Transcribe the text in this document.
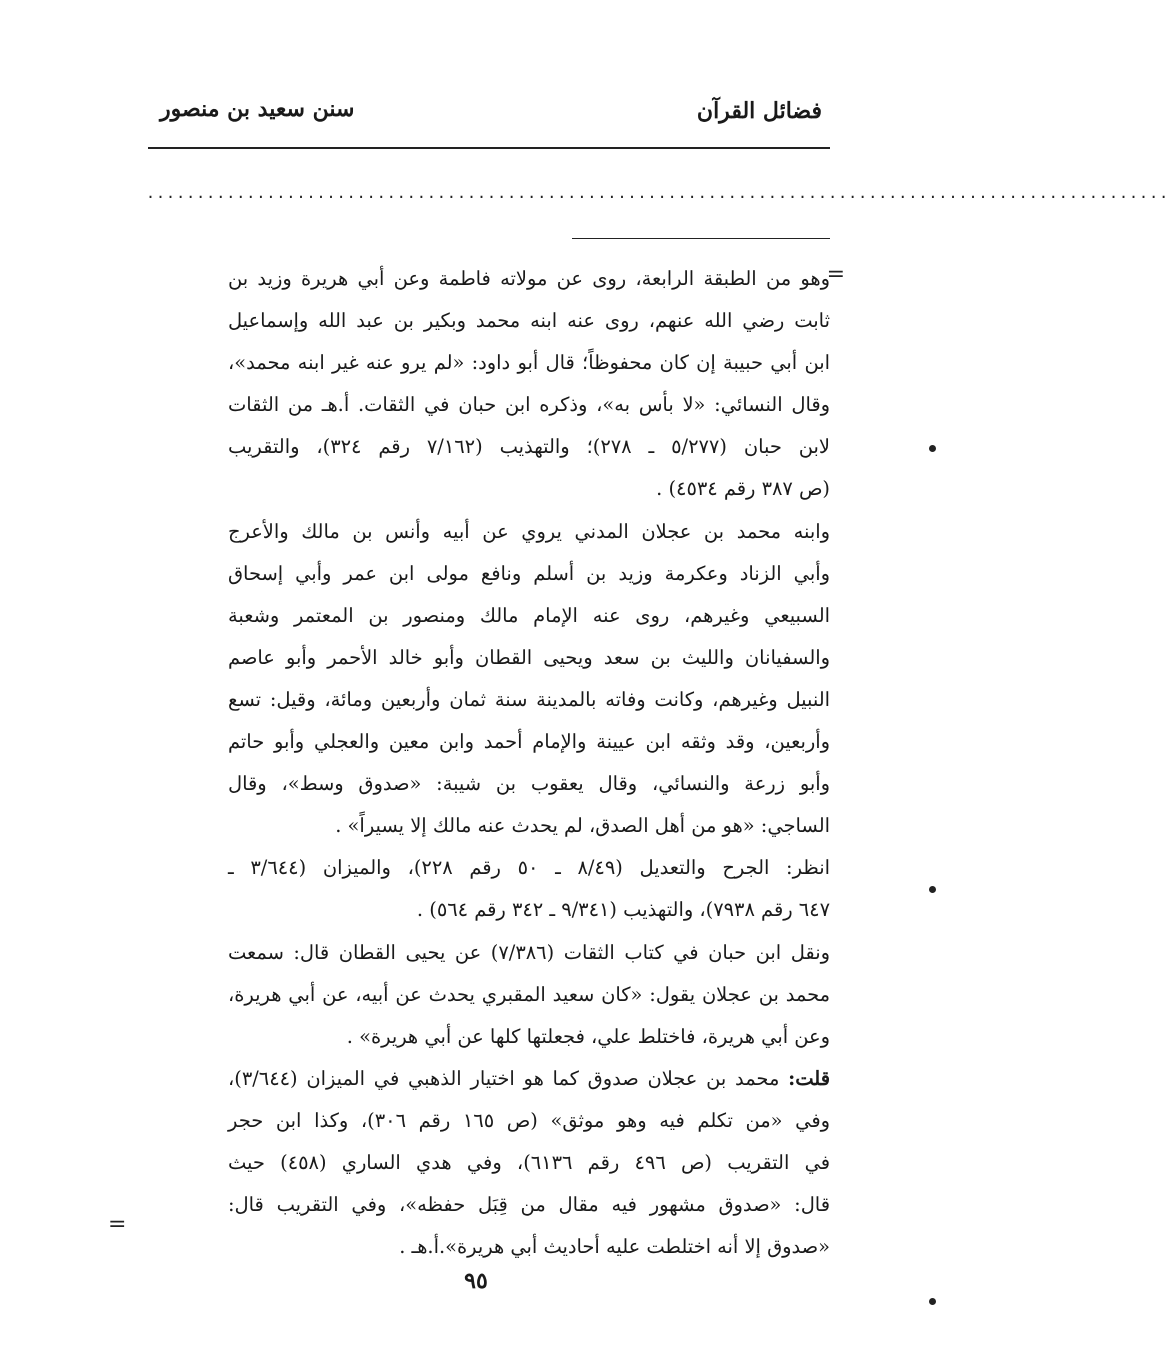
فضائل القرآن
سنن سعيد بن منصور
......................................................................................................
=
وهو من الطبقة الرابعة، روى عن مولاته فاطمة وعن أبي هريرة وزيد بن
ثابت رضي الله عنهم، روى عنه ابنه محمد وبكير بن عبد الله وإسماعيل
ابن أبي حبيبة إن كان محفوظاً؛ قال أبو داود: «لم يرو عنه غير ابنه محمد»،
وقال النسائي: «لا بأس به»، وذكره ابن حبان في الثقات. أ.هـ من الثقات
لابن حبان (٥/٢٧٧ ـ ٢٧٨)؛ والتهذيب (٧/١٦٢ رقم ٣٢٤)، والتقريب
(ص ٣٨٧ رقم ٤٥٣٤) .
وابنه محمد بن عجلان المدني يروي عن أبيه وأنس بن مالك والأعرج
وأبي الزناد وعكرمة وزيد بن أسلم ونافع مولى ابن عمر وأبي إسحاق
السبيعي وغيرهم، روى عنه الإمام مالك ومنصور بن المعتمر وشعبة
والسفيانان والليث بن سعد ويحيى القطان وأبو خالد الأحمر وأبو عاصم
النبيل وغيرهم، وكانت وفاته بالمدينة سنة ثمان وأربعين ومائة، وقيل: تسع
وأربعين، وقد وثقه ابن عيينة والإمام أحمد وابن معين والعجلي وأبو حاتم
وأبو زرعة والنسائي، وقال يعقوب بن شيبة: «صدوق وسط»، وقال
الساجي: «هو من أهل الصدق، لم يحدث عنه مالك إلا يسيراً» .
انظر: الجرح والتعديل (٨/٤٩ ـ ٥٠ رقم ٢٢٨)، والميزان (٣/٦٤٤ ـ
٦٤٧ رقم ٧٩٣٨)، والتهذيب (٩/٣٤١ ـ ٣٤٢ رقم ٥٦٤) .
ونقل ابن حبان في كتاب الثقات (٧/٣٨٦) عن يحيى القطان قال: سمعت
محمد بن عجلان يقول: «كان سعيد المقبري يحدث عن أبيه، عن أبي هريرة،
وعن أبي هريرة، فاختلط علي، فجعلتها كلها عن أبي هريرة» .
قلت: محمد بن عجلان صدوق كما هو اختيار الذهبي في الميزان (٣/٦٤٤)،
وفي «من تكلم فيه وهو موثق» (ص ١٦٥ رقم ٣٠٦)، وكذا ابن حجر
في التقريب (ص ٤٩٦ رقم ٦١٣٦)، وفي هدي الساري (٤٥٨) حيث
قال: «صدوق مشهور فيه مقال من قِبَل حفظه»، وفي التقريب قال:
«صدوق إلا أنه اختلطت عليه أحاديث أبي هريرة».أ.هـ .
=
٩٥
